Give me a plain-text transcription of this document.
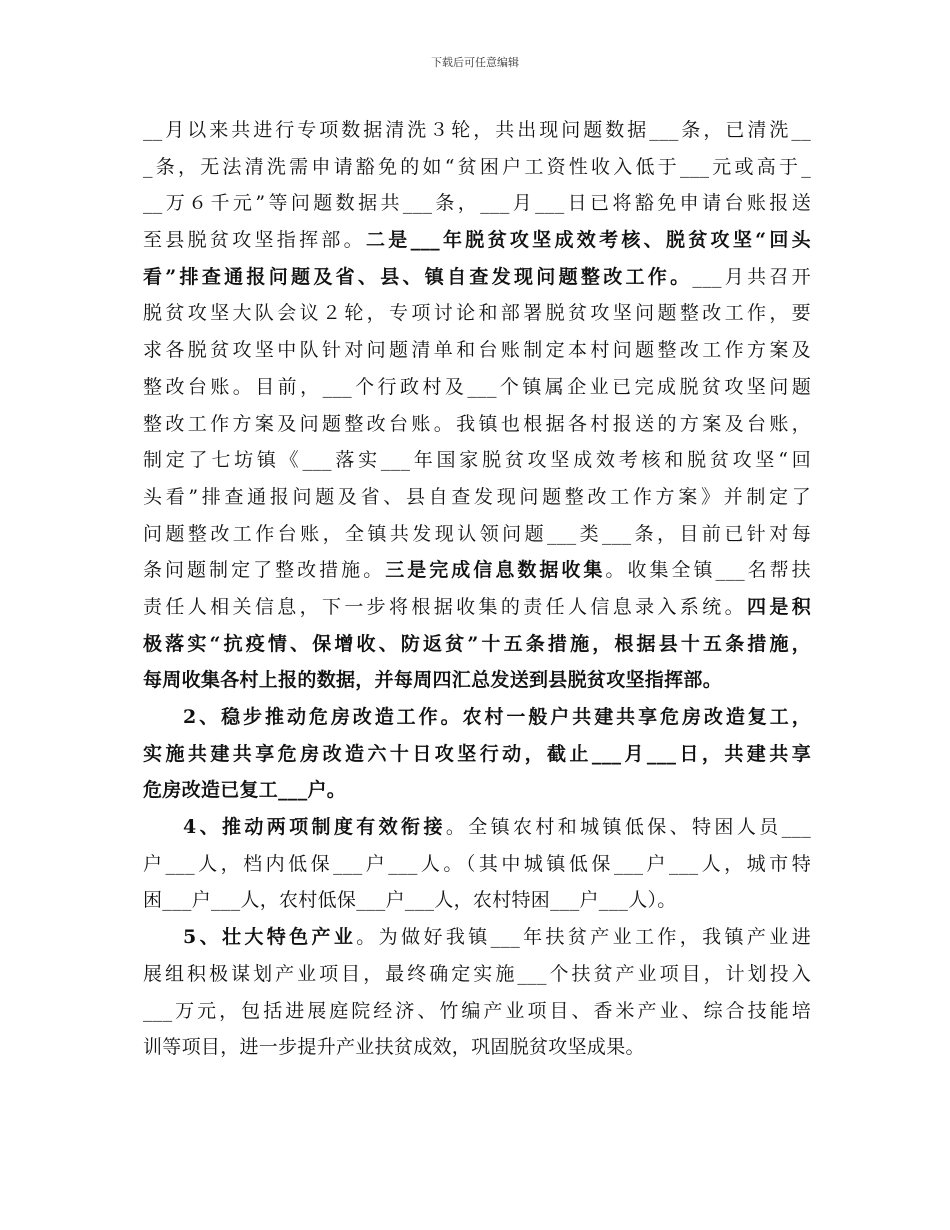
下载后可任意编辑
__月以来共进行专项数据清洗３轮，共出现问题数据___条，已清洗__
_条，无法清洗需申请豁免的如“贫困户工资性收入低于___元或高于_
__万６千元”等问题数据共___条，___月___日已将豁免申请台账报送
至县脱贫攻坚指挥部。二是___年脱贫攻坚成效考核、脱贫攻坚“回头
看”排查通报问题及省、县、镇自查发现问题整改工作。___月共召开
脱贫攻坚大队会议２轮，专项讨论和部署脱贫攻坚问题整改工作，要
求各脱贫攻坚中队针对问题清单和台账制定本村问题整改工作方案及
整改台账。目前，___个行政村及___个镇属企业已完成脱贫攻坚问题
整改工作方案及问题整改台账。我镇也根据各村报送的方案及台账，
制定了七坊镇《___落实___年国家脱贫攻坚成效考核和脱贫攻坚“回
头看”排查通报问题及省、县自查发现问题整改工作方案》并制定了
问题整改工作台账，全镇共发现认领问题___类___条，目前已针对每
条问题制定了整改措施。三是完成信息数据收集。收集全镇___名帮扶
责任人相关信息，下一步将根据收集的责任人信息录入系统。四是积
极落实“抗疫情、保增收、防返贫”十五条措施，根据县十五条措施，
每周收集各村上报的数据，并每周四汇总发送到县脱贫攻坚指挥部。
2、稳步推动危房改造工作。农村一般户共建共享危房改造复工，
实施共建共享危房改造六十日攻坚行动，截止___月___日，共建共享
危房改造已复工___户。
4、推动两项制度有效衔接。全镇农村和城镇低保、特困人员___
户___人，档内低保___户___人。（其中城镇低保___户___人，城市特
困___户___人，农村低保___户___人，农村特困___户___人）。
5、壮大特色产业。为做好我镇___年扶贫产业工作，我镇产业进
展组积极谋划产业项目，最终确定实施___个扶贫产业项目，计划投入
___万元，包括进展庭院经济、竹编产业项目、香米产业、综合技能培
训等项目，进一步提升产业扶贫成效，巩固脱贫攻坚成果。
